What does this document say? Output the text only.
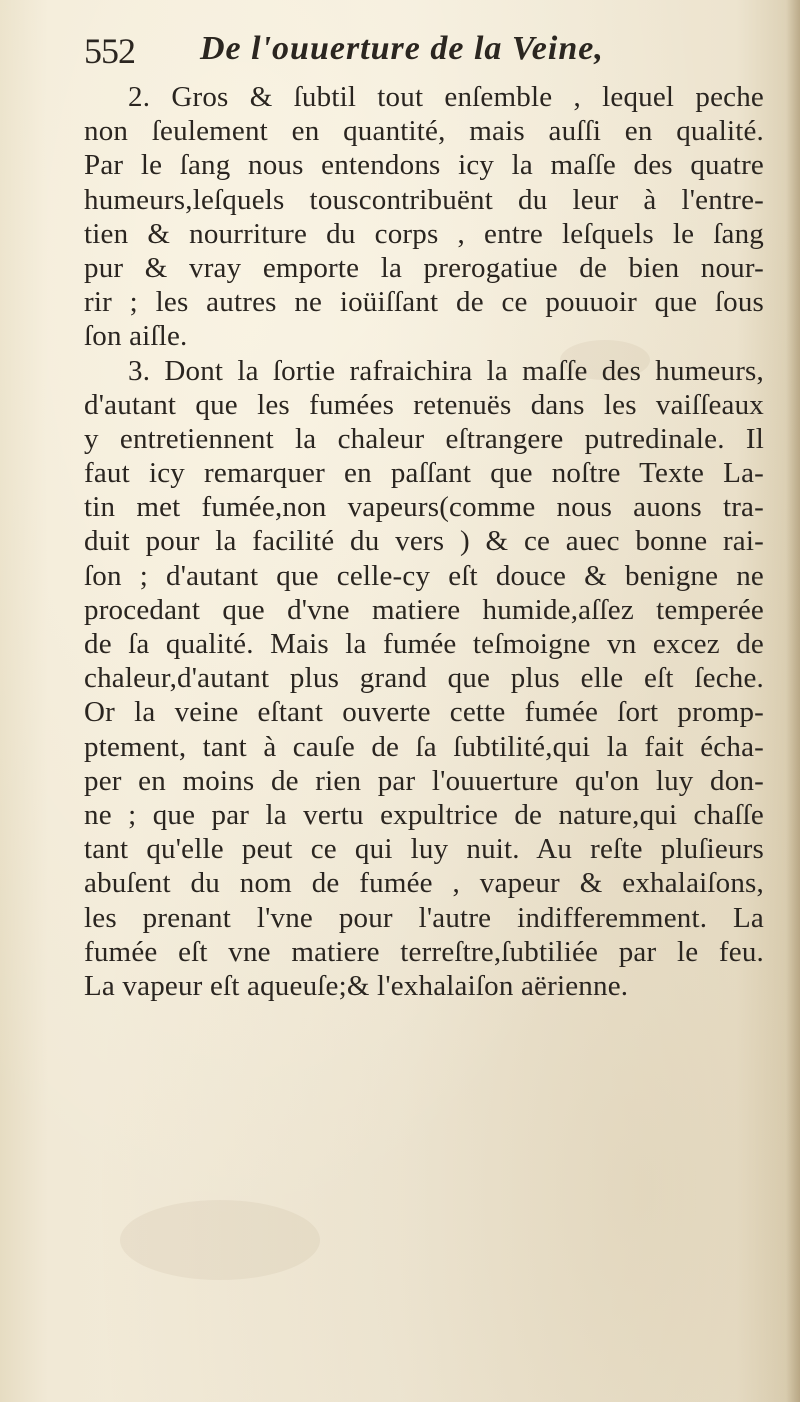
552 De l'ouuerture de la Veine,
2. Gros & ſubtil tout enſemble , lequel peche
non ſeulement en quantité, mais auſſi en qualité.
Par le ſang nous entendons icy la maſſe des quatre
humeurs,leſquels touscontribuënt du leur à l'entre-
tien & nourriture du corps , entre leſquels le ſang
pur & vray emporte la prerogatiue de bien nour-
rir ; les autres ne ioüiſſant de ce pouuoir que ſous
ſon aiſle.
3. Dont la ſortie rafraichira la maſſe des humeurs,
d'autant que les fumées retenuës dans les vaiſſeaux
y entretiennent la chaleur eſtrangere putredinale. Il
faut icy remarquer en paſſant que noſtre Texte La-
tin met fumée,non vapeurs(comme nous auons tra-
duit pour la facilité du vers ) & ce auec bonne rai-
ſon ; d'autant que celle-cy eſt douce & benigne ne
procedant que d'vne matiere humide,aſſez temperée
de ſa qualité. Mais la fumée teſmoigne vn excez de
chaleur,d'autant plus grand que plus elle eſt ſeche.
Or la veine eſtant ouverte cette fumée ſort promp-
ptement, tant à cauſe de ſa ſubtilité,qui la fait écha-
per en moins de rien par l'ouuerture qu'on luy don-
ne ; que par la vertu expultrice de nature,qui chaſſe
tant qu'elle peut ce qui luy nuit. Au reſte pluſieurs
abuſent du nom de fumée , vapeur & exhalaiſons,
les prenant l'vne pour l'autre indifferemment. La
fumée eſt vne matiere terreſtre,ſubtiliée par le feu.
La vapeur eſt aqueuſe;& l'exhalaiſon aërienne.
